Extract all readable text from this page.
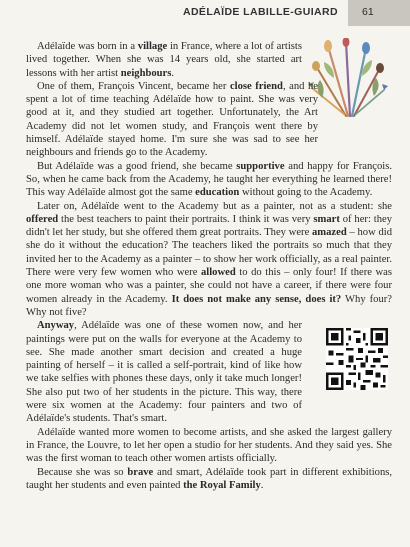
ADÉLAÏDE LABILLE-GUIARD 61

Adélaïde was born in a village in France, where a lot of artists lived together. When she was 14 years old, she started art lessons with her artist neighbours.

One of them, François Vincent, became her close friend, and he spent a lot of time teaching Adélaïde how to paint. She was very good at it, and they studied art together. Unfortunately, the Art Academy did not let women study, and François went there by himself. Adélaïde stayed home. I'm sure she was sad to see her neighbours and friends go to the Academy.

But Adélaïde was a good friend, she became supportive and happy for François. So, when he came back from the Academy, he taught her everything he learned there! This way Adélaïde almost got the same education without going to the Academy.

Later on, Adélaïde went to the Academy but as a painter, not as a student: she offered the best teachers to paint their portraits. I think it was very smart of her: they didn't let her study, but she offered them great portraits. They were amazed – how did she do it without the education? The teachers liked the portraits so much that they invited her to the Academy as a painter – to show her work officially, as a real painter. There were very few women who were allowed to do this – only four! If there was one more woman who was a painter, she could not have a career, if there were four women already in the Academy. It does not make any sense, does it? Why four? Why not five?

Anyway, Adélaïde was one of these women now, and her paintings were put on the walls for everyone at the Academy to see. She made another smart decision and created a huge painting of herself – it is called a self-portrait, kind of like how we take selfies with phones these days, only it take much longer! She also put two of her students in the picture. This way, there were six women at the Academy: four painters and two of Adélaïde's students. That's smart.

Adélaïde wanted more women to become artists, and she asked the largest gallery in France, the Louvre, to let her open a studio for her students. And they said yes. She was the first woman to teach other women artists officially.

Because she was so brave and smart, Adélaïde took part in different exhibitions, taught her students and even painted the Royal Family.
